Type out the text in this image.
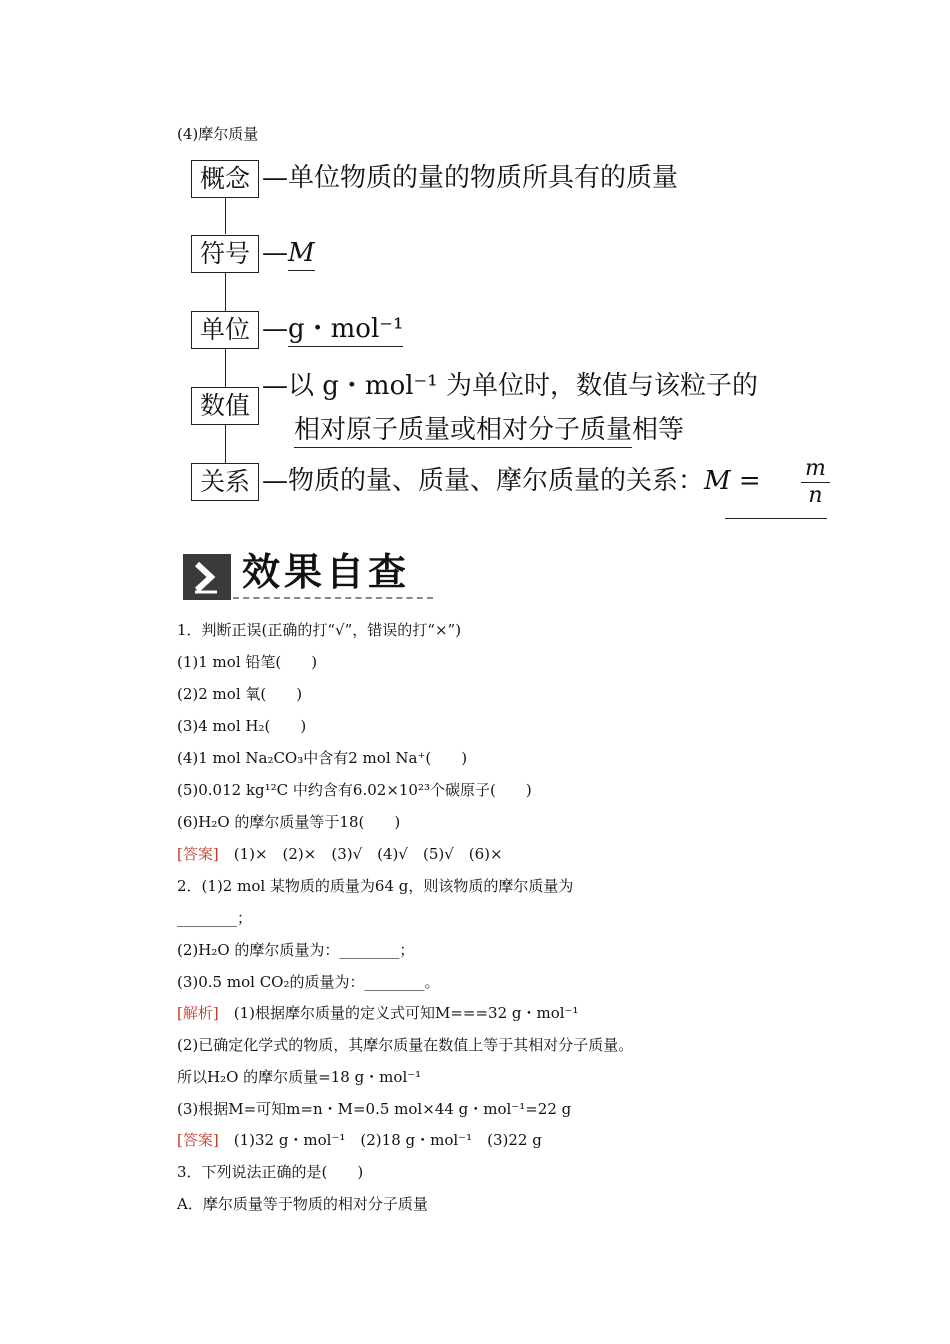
(4)摩尔质量
概念
符号
单位
数值
关系
—单位物质的量的物质所具有的质量
—M
—g・mol⁻¹
—以 g・mol⁻¹ 为单位时，数值与该粒子的
相对原子质量或相对分子质量相等
—物质的量、质量、摩尔质量的关系：$M = \frac{m}{n}$
效果自查
1．判断正误(正确的打“√”，错误的打“×”)
(1)1 mol 铅笔(　　)
(2)2 mol 氧(　　)
(3)4 mol H₂(　　)
(4)1 mol Na₂CO₃中含有2 mol Na⁺(　　)
(5)0.012 kg¹²C 中约含有6.02×10²³个碳原子(　　)
(6)H₂O 的摩尔质量等于18(　　)
[答案]　(1)×　(2)×　(3)√　(4)√　(5)√　(6)×
2．(1)2 mol 某物质的质量为64 g，则该物质的摩尔质量为
________；
(2)H₂O 的摩尔质量为：________；
(3)0.5 mol CO₂的质量为：________。
[解析]　(1)根据摩尔质量的定义式可知M===32 g・mol⁻¹
(2)已确定化学式的物质，其摩尔质量在数值上等于其相对分子质量。
所以H₂O 的摩尔质量=18 g・mol⁻¹
(3)根据M=可知m=n・M=0.5 mol×44 g・mol⁻¹=22 g
[答案]　(1)32 g・mol⁻¹　(2)18 g・mol⁻¹　(3)22 g
3．下列说法正确的是(　　)
A．摩尔质量等于物质的相对分子质量
